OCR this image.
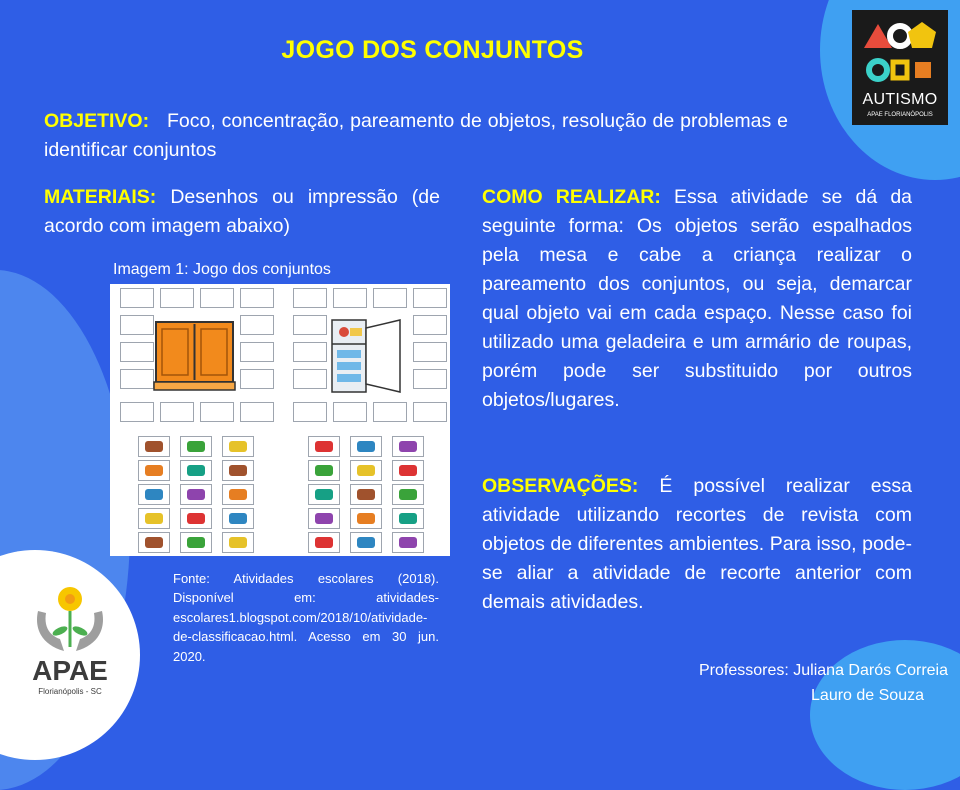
JOGO DOS CONJUNTOS
OBJETIVO: Foco, concentração, pareamento de objetos, resolução de problemas e identificar conjuntos
MATERIAIS: Desenhos ou impressão (de acordo com imagem abaixo)
COMO REALIZAR: Essa atividade se dá da seguinte forma: Os objetos serão espalhados pela mesa e cabe a criança realizar o pareamento dos conjuntos, ou seja, demarcar qual objeto vai em cada espaço. Nesse caso foi utilizado uma geladeira e um armário de roupas, porém pode ser substituido por outros objetos/lugares.
OBSERVAÇÕES: É possível realizar essa atividade utilizando recortes de revista com objetos de diferentes ambientes. Para isso, pode-se aliar a atividade de recorte anterior com demais atividades.
Imagem 1: Jogo dos conjuntos
Fonte: Atividades escolares (2018). Disponível em: atividades-escolares1.blogspot.com/2018/10/atividade-de-classificacao.html. Acesso em 30 jun. 2020.
Professores: Juliana Darós Correia
Lauro de Souza
AUTISMO
APAE FLORIANÓPOLIS
APAE
Florianópolis - SC
